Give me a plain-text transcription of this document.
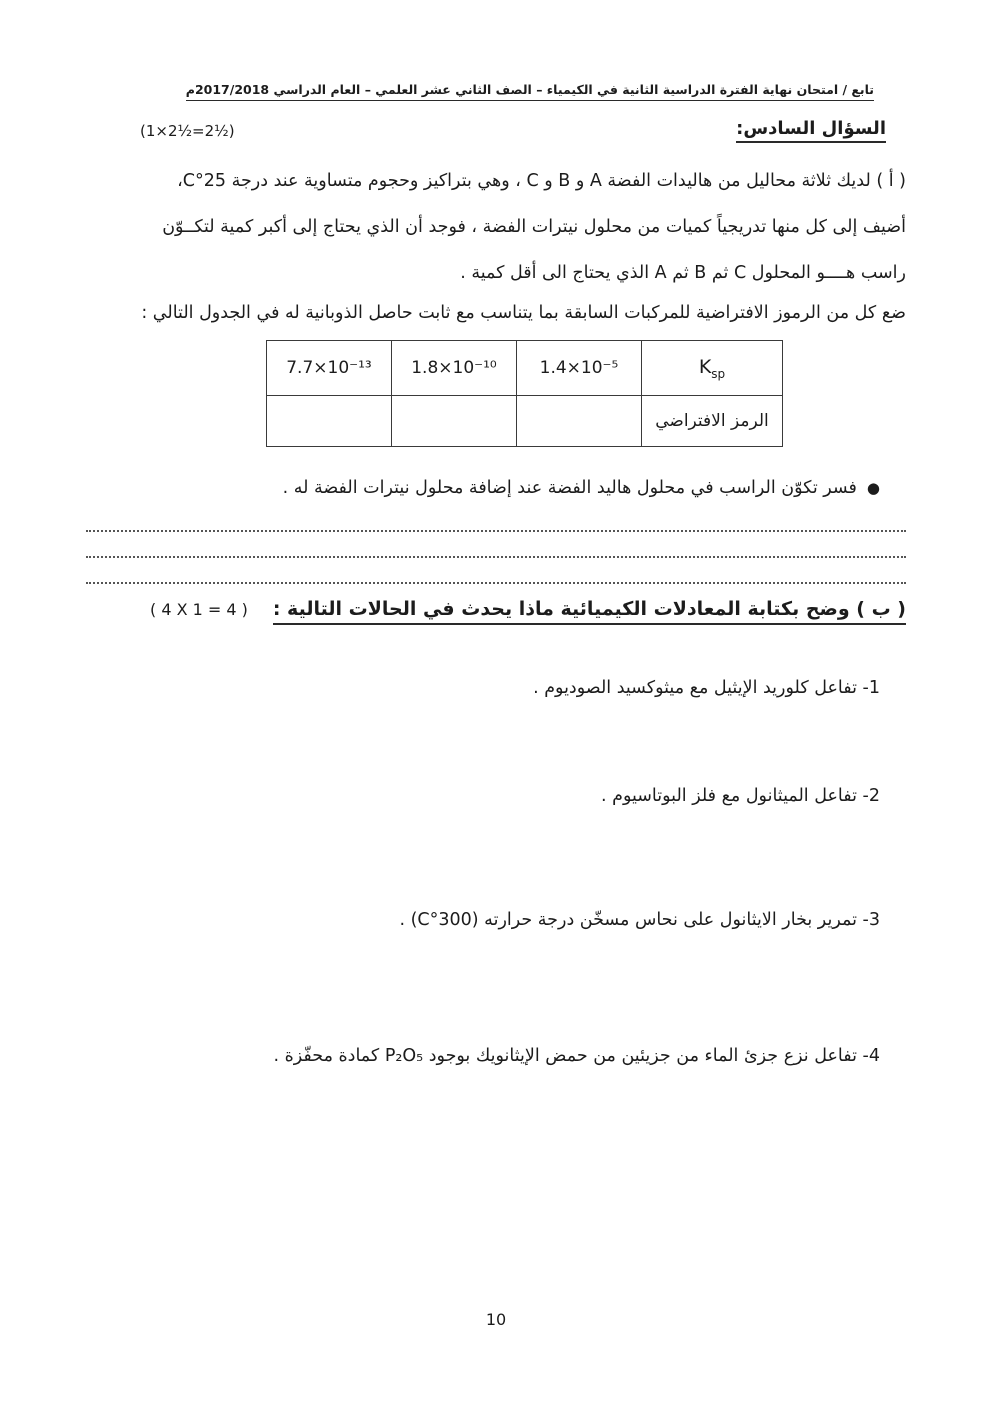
تابع / امتحان نهاية الفترة الدراسية الثانية في الكيمياء – الصف الثاني عشر العلمي – العام الدراسي 2017/2018م
السؤال السادس:
(1×2½=2½)
( أ ) لديك ثلاثة محاليل من هاليدات الفضة A و B و C ، وهي بتراكيز وحجوم متساوية عند درجة 25°C،
أضيف إلى كل منها تدريجياً كميات من محلول نيترات الفضة ، فوجد أن الذي يحتاج إلى أكبر كمية لتكــوّن
راسب هــــو المحلول C ثم B ثم A الذي يحتاج الى أقل كمية .
ضع كل من الرموز الافتراضية للمركبات السابقة بما يتناسب مع ثابت حاصل الذوبانية له في الجدول التالي :
7.7×10⁻¹³	1.8×10⁻¹⁰	1.4×10⁻⁵	$K_{sp}$
			الرمز الافتراضي
●فسر تكوّن الراسب في محلول هاليد الفضة عند إضافة محلول نيترات الفضة له .
( ب ) وضح بكتابة المعادلات الكيميائية ماذا يحدث في الحالات التالية :
( 4 X 1 = 4 )
1- تفاعل كلوريد الإيثيل مع ميثوكسيد الصوديوم .
2- تفاعل الميثانول مع فلز البوتاسيوم .
3- تمرير بخار الايثانول على نحاس مسخّن درجة حرارته (300°C) .
4- تفاعل نزع جزئ الماء من جزيئين من حمض الإيثانويك بوجود P₂O₅ كمادة محفّزة .
10
